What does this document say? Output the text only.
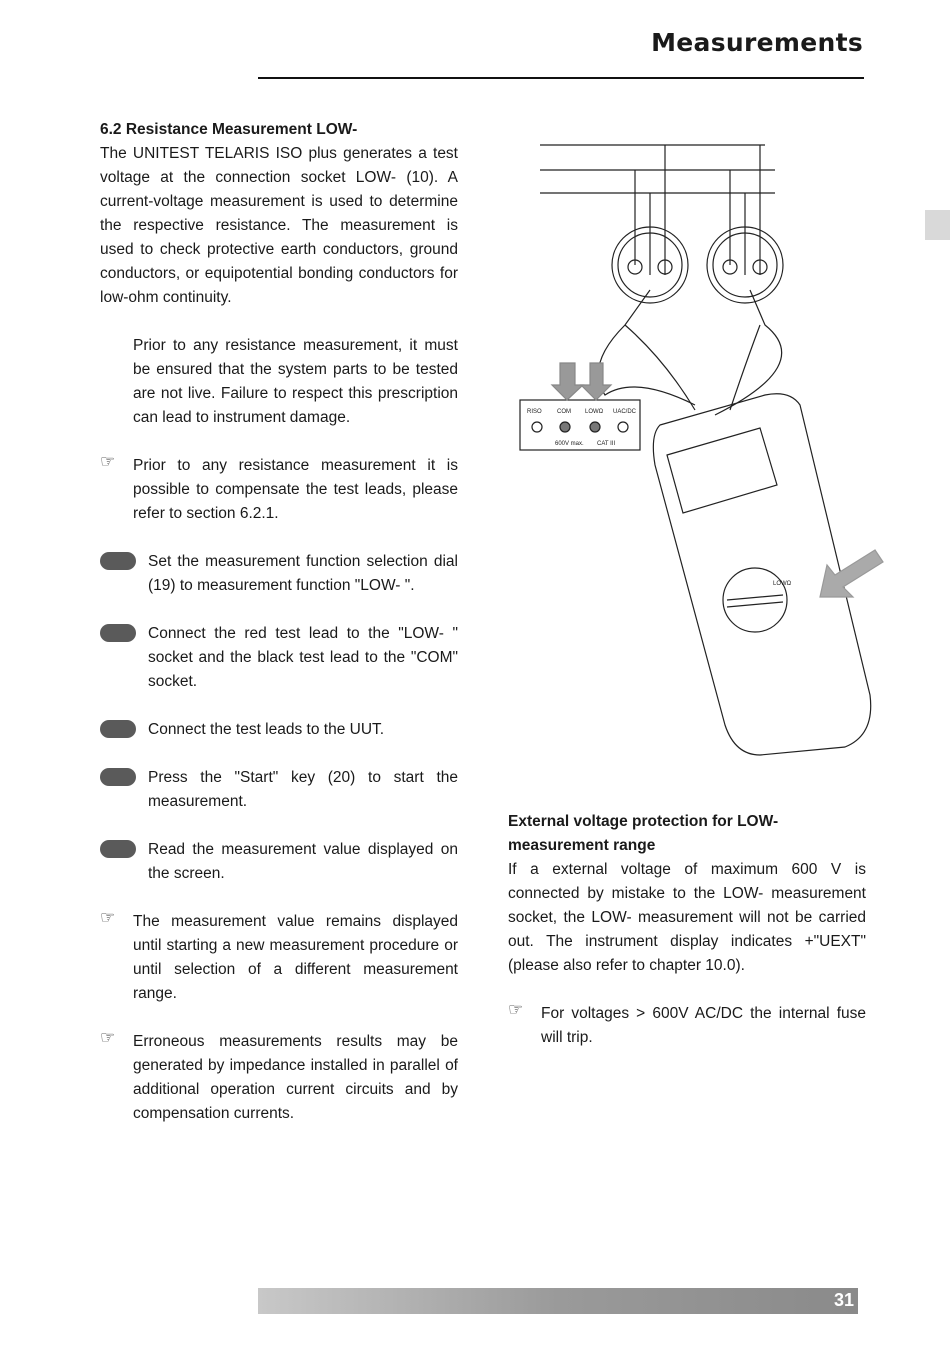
Measurements

6.2 Resistance Measurement LOW-

The UNITEST TELARIS ISO plus generates a test voltage at the connection socket LOW- (10). A current-voltage measurement is used to determine the respective resistance. The measurement is used to check protective earth conductors, ground conductors, or equipotential bonding conductors for low-ohm continuity.

Prior to any resistance measurement, it must be ensured that the system parts to be tested are not live. Failure to respect this prescription can lead to instrument damage.

☞ Prior to any resistance measurement it is possible to compensate the test leads, please refer to section 6.2.1.

Set the measurement function selection dial (19) to measurement function "LOW- ".

Connect the red test lead to the "LOW- " socket and the black test lead to the "COM" socket.

Connect the test leads to the UUT.

Press the "Start" key (20) to start the measurement.

Read the measurement value displayed on the screen.

☞ The measurement value remains displayed until starting a new measurement procedure or until selection of a different measurement range.

☞ Erroneous measurements results may be generated by impedance installed in parallel of additional operation current circuits and by compensation currents.

RISO	COM LOWΩ UAC/DC
600V max. CAT III
LOWΩ

External voltage protection for LOW- measurement range

If a external voltage of maximum 600 V is connected by mistake to the LOW- measurement socket, the LOW- measurement will not be carried out. The instrument display indicates +"UEXT" (please also refer to chapter 10.0).

☞ For voltages > 600V AC/DC the internal fuse will trip.

31
